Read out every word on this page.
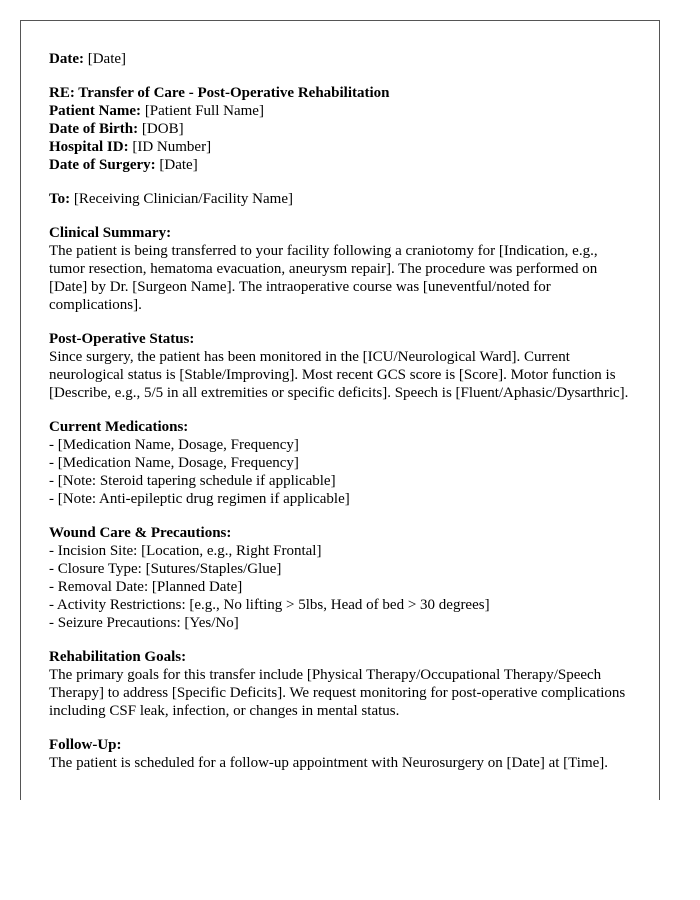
Date: [Date]
RE: Transfer of Care - Post-Operative Rehabilitation
Patient Name: [Patient Full Name]
Date of Birth: [DOB]
Hospital ID: [ID Number]
Date of Surgery: [Date]
To: [Receiving Clinician/Facility Name]
Clinical Summary:
The patient is being transferred to your facility following a craniotomy for [Indication, e.g., tumor resection, hematoma evacuation, aneurysm repair]. The procedure was performed on [Date] by Dr. [Surgeon Name]. The intraoperative course was [uneventful/noted for complications].
Post-Operative Status:
Since surgery, the patient has been monitored in the [ICU/Neurological Ward]. Current neurological status is [Stable/Improving]. Most recent GCS score is [Score]. Motor function is [Describe, e.g., 5/5 in all extremities or specific deficits]. Speech is [Fluent/Aphasic/Dysarthric].
Current Medications:
- [Medication Name, Dosage, Frequency]
- [Medication Name, Dosage, Frequency]
- [Note: Steroid tapering schedule if applicable]
- [Note: Anti-epileptic drug regimen if applicable]
Wound Care & Precautions:
- Incision Site: [Location, e.g., Right Frontal]
- Closure Type: [Sutures/Staples/Glue]
- Removal Date: [Planned Date]
- Activity Restrictions: [e.g., No lifting > 5lbs, Head of bed > 30 degrees]
- Seizure Precautions: [Yes/No]
Rehabilitation Goals:
The primary goals for this transfer include [Physical Therapy/Occupational Therapy/Speech Therapy] to address [Specific Deficits]. We request monitoring for post-operative complications including CSF leak, infection, or changes in mental status.
Follow-Up:
The patient is scheduled for a follow-up appointment with Neurosurgery on [Date] at [Time].
